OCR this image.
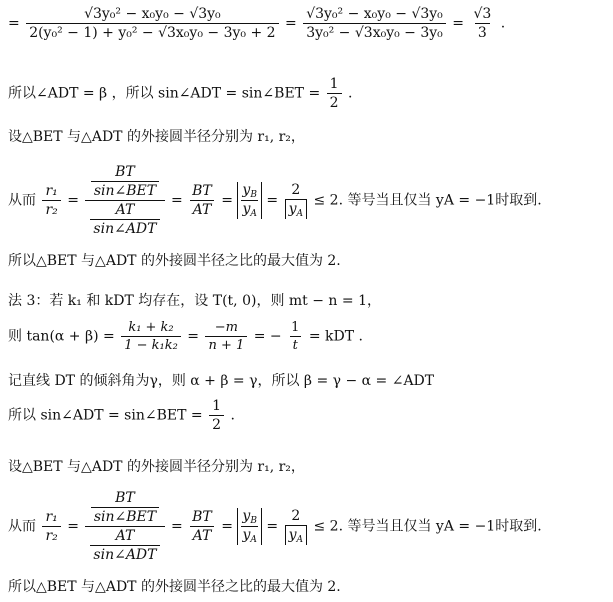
= $\frac{\text{√3y₀² − x₀y₀ − √3y₀}}{\text{2(y₀² − 1) + y₀² − √3x₀y₀ − 3y₀ + 2}} = \frac{\text{√3y₀² − x₀y₀ − √3y₀}}{\text{3y₀² − √3x₀y₀ − 3y₀}} = \frac{√3}{3}$ .
所以∠ADT = β ，所以 sin∠ADT = sin∠BET = $\frac{1}{2}$ .
设△BET 与△ADT 的外接圆半径分别为 r₁, r₂，
从而 $\frac{\text{r₁}}{\text{r₂}} = \frac{\frac{BT}{\text{sin∠BET}}}{\frac{AT}{\text{sin∠ADT}}} = \frac{BT}{AT} = \frac{y_B}{y_A} = \frac{2}{y_A} \le 2$. 等号当且仅当 yA = −1时取到.
所以△BET 与△ADT 的外接圆半径之比的最大值为 2.
法 3：若 k₁ 和 kDT 均存在，设 T(t, 0)，则 mt − n = 1，
则 $\tan(\alpha + \beta) = \frac{\text{k₁ + k₂}}{\text{1 − k₁k₂}} = \frac{-m}{n + 1}$ = − $\frac{1}{t}$ = kDT .
记直线 DT 的倾斜角为γ，则 α + β = γ，所以 β = γ − α = ∠ADT
所以 sin∠ADT = sin∠BET = $\frac{1}{2}$ .
设△BET 与△ADT 的外接圆半径分别为 r₁, r₂，
从而 $\frac{\text{r₁}}{\text{r₂}} = \frac{\frac{BT}{\text{sin∠BET}}}{\frac{AT}{\text{sin∠ADT}}} = \frac{BT}{AT} = \frac{y_B}{y_A} = \frac{2}{y_A} \le 2$. 等号当且仅当 yA = −1时取到.
所以△BET 与△ADT 的外接圆半径之比的最大值为 2.
